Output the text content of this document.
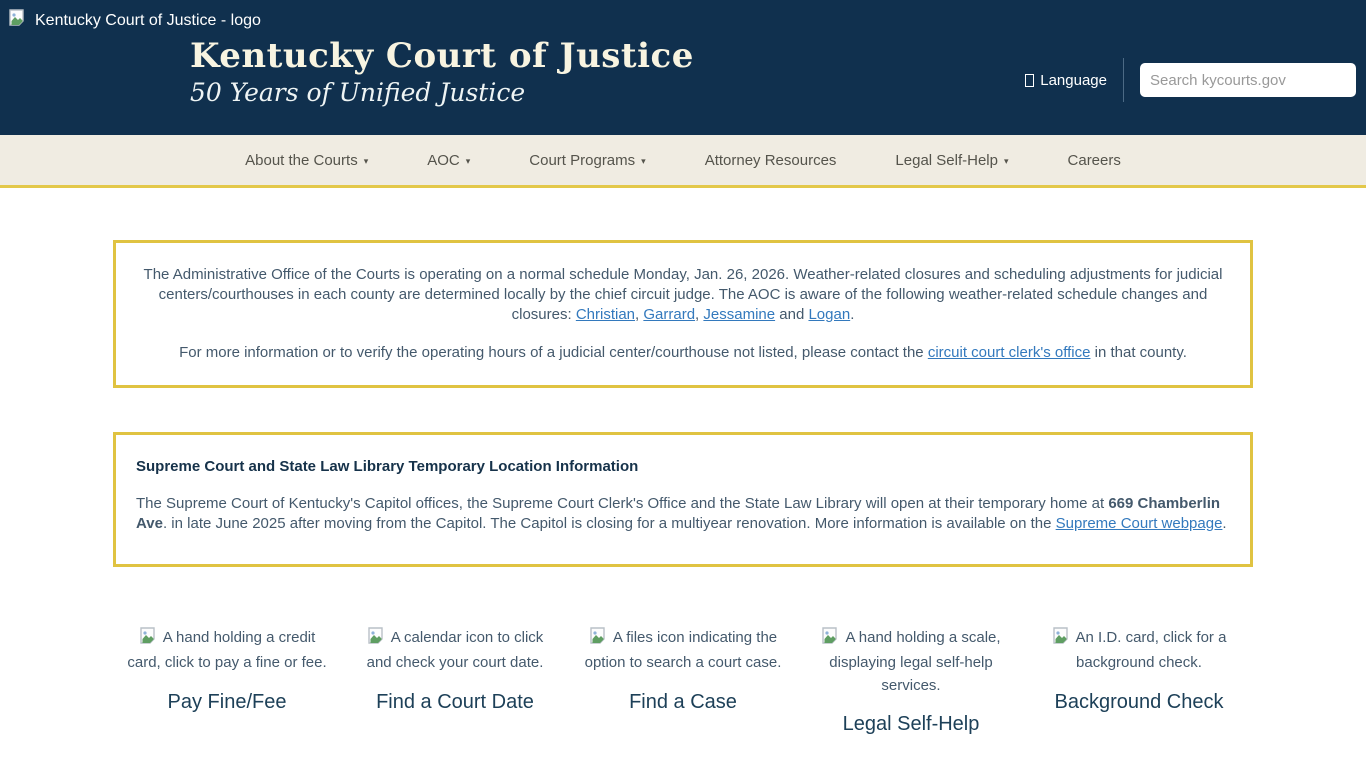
Kentucky Court of Justice - logo
Kentucky Court of Justice
50 Years of Unified Justice	Language
Search kycourts.gov
About the Courts ▾	AOC ▾	Court Programs ▾	Attorney Resources	Legal Self-Help ▾	Careers

The Administrative Office of the Courts is operating on a normal schedule Monday, Jan. 26, 2026. Weather-related closures and scheduling adjustments for judicial centers/courthouses in each county are determined locally by the chief circuit judge. The AOC is aware of the following weather-related schedule changes and closures: Christian, Garrard, Jessamine and Logan.

For more information or to verify the operating hours of a judicial center/courthouse not listed, please contact the circuit court clerk's office in that county.

Supreme Court and State Law Library Temporary Location Information

The Supreme Court of Kentucky's Capitol offices, the Supreme Court Clerk's Office and the State Law Library will open at their temporary home at 669 Chamberlin Ave. in late June 2025 after moving from the Capitol. The Capitol is closing for a multiyear renovation. More information is available on the Supreme Court webpage.

A hand holding a credit card, click to pay a fine or fee.
Pay Fine/Fee
A calendar icon to click and check your court date.
Find a Court Date
A files icon indicating the option to search a court case.
Find a Case
A hand holding a scale, displaying legal self-help services.
Legal Self-Help
An I.D. card, click for a background check.
Background Check
